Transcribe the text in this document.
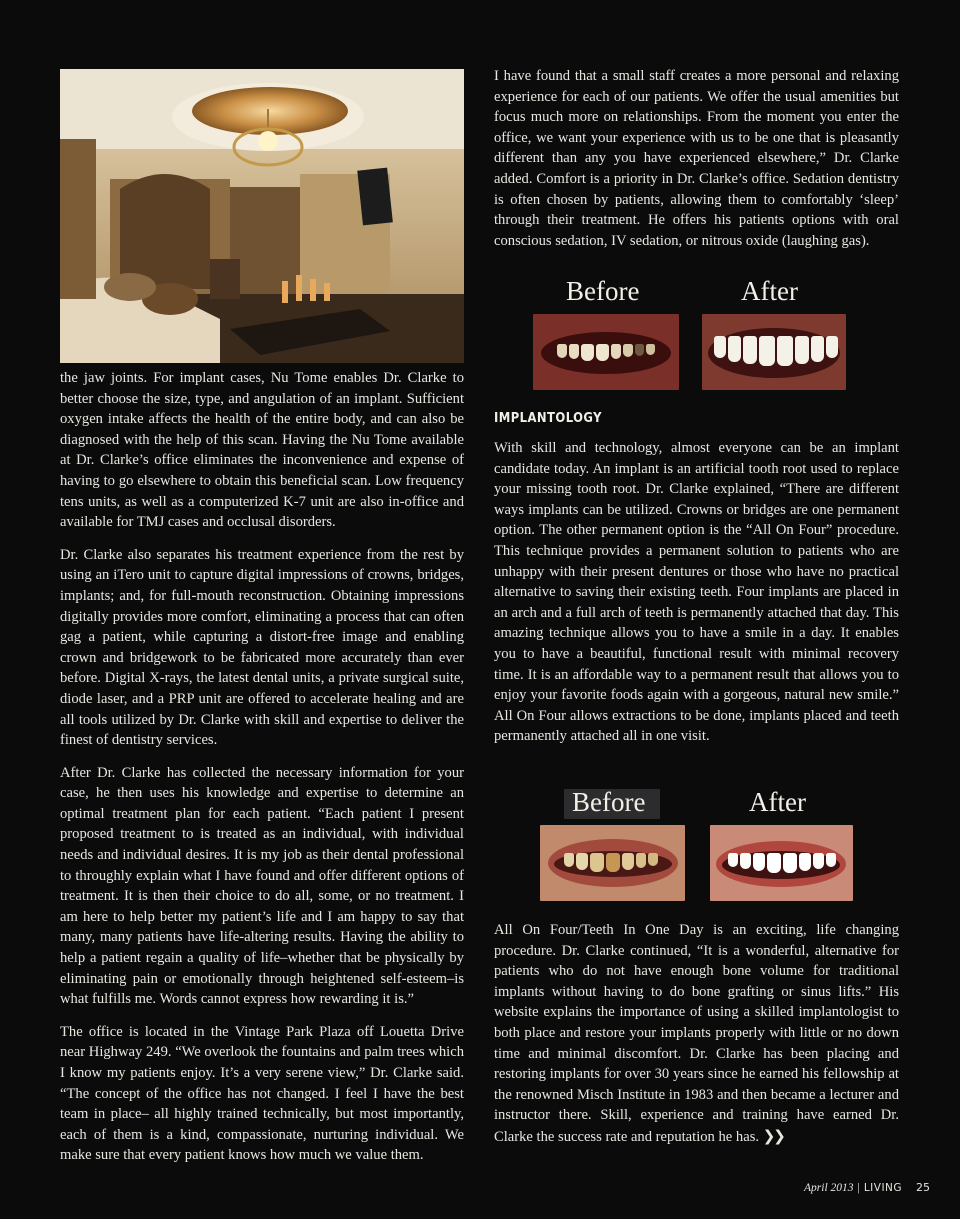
the jaw joints. For implant cases, Nu Tome enables Dr. Clarke to better choose the size, type, and angulation of an implant. Sufficient oxygen intake affects the health of the entire body, and can also be diagnosed with the help of this scan. Having the Nu Tome available at Dr. Clarke’s office eliminates the inconvenience and expense of having to go elsewhere to obtain this beneficial scan. Low frequency tens units, as well as a computerized K-7 unit are also in-office and available for TMJ cases and occlusal disorders.

Dr. Clarke also separates his treatment experience from the rest by using an iTero unit to capture digital impressions of crowns, bridges, implants; and, for full-mouth reconstruction. Obtaining impressions digitally provides more comfort, eliminating a process that can often gag a patient, while capturing a distort-free image and enabling crown and bridgework to be fabricated more accurately than ever before. Digital X-rays, the latest dental units, a private surgical suite, diode laser, and a PRP unit are offered to accelerate healing and are all tools utilized by Dr. Clarke with skill and expertise to deliver the finest of dentistry services.

After Dr. Clarke has collected the necessary information for your case, he then uses his knowledge and expertise to determine an optimal treatment plan for each patient. “Each patient I present proposed treatment to is treated as an individual, with individual needs and individual desires. It is my job as their dental professional to throughly explain what I have found and offer different options of treatment. It is then their choice to do all, some, or no treatment. I am here to help better my patient’s life and I am happy to say that many, many patients have life-altering results. Having the ability to help a patient regain a quality of life–whether that be physically by eliminating pain or emotionally through heightened self-esteem–is what fulfills me. Words cannot express how rewarding it is.”

The office is located in the Vintage Park Plaza off Louetta Drive near Highway 249. “We overlook the fountains and palm trees which I know my patients enjoy. It’s a very serene view,” Dr. Clarke said. “The concept of the office has not changed. I feel I have the best team in place– all highly trained technically, but most importantly, each of them is a kind, compassionate, nurturing individual. We make sure that every patient knows how much we value them.

I have found that a small staff creates a more personal and relaxing experience for each of our patients. We offer the usual amenities but focus much more on relationships. From the moment you enter the office, we want your experience with us to be one that is pleasantly different than any you have experienced elsewhere,” Dr. Clarke added. Comfort is a priority in Dr. Clarke’s office. Sedation dentistry is often chosen by patients, allowing them to comfortably ‘sleep’ through their treatment. He offers his patients options with oral conscious sedation, IV sedation, or nitrous oxide (laughing gas).

Before	After
IMPLANTOLOGY

With skill and technology, almost everyone can be an implant candidate today. An implant is an artificial tooth root used to replace your missing tooth root. Dr. Clarke explained, “There are different ways implants can be utilized. Crowns or bridges are one permanent option. The other permanent option is the “All On Four” procedure. This technique provides a permanent solution to patients who are unhappy with their present dentures or those who have no practical alternative to saving their existing teeth. Four implants are placed in an arch and a full arch of teeth is permanently attached that day. This amazing technique allows you to have a smile in a day. It enables you to have a beautiful, functional result with minimal recovery time. It is an affordable way to a permanent result that allows you to enjoy your favorite foods again with a gorgeous, natural new smile.” All On Four allows extractions to be done, implants placed and teeth permanently attached all in one visit.

Before	After

All On Four/Teeth In One Day is an exciting, life changing procedure. Dr. Clarke continued, “It is a wonderful, alternative for patients who do not have enough bone volume for traditional implants without having to do bone grafting or sinus lifts.” His website explains the importance of using a skilled implantologist to both place and restore your implants properly with little or no down time and minimal discomfort. Dr. Clarke has been placing and restoring implants for over 30 years since he earned his fellowship at the renowned Misch Institute in 1983 and then became a lecturer and instructor there. Skill, experience and training have earned Dr. Clarke the success rate and reputation he has. ❯❯

April 2013 | LIVING 25
